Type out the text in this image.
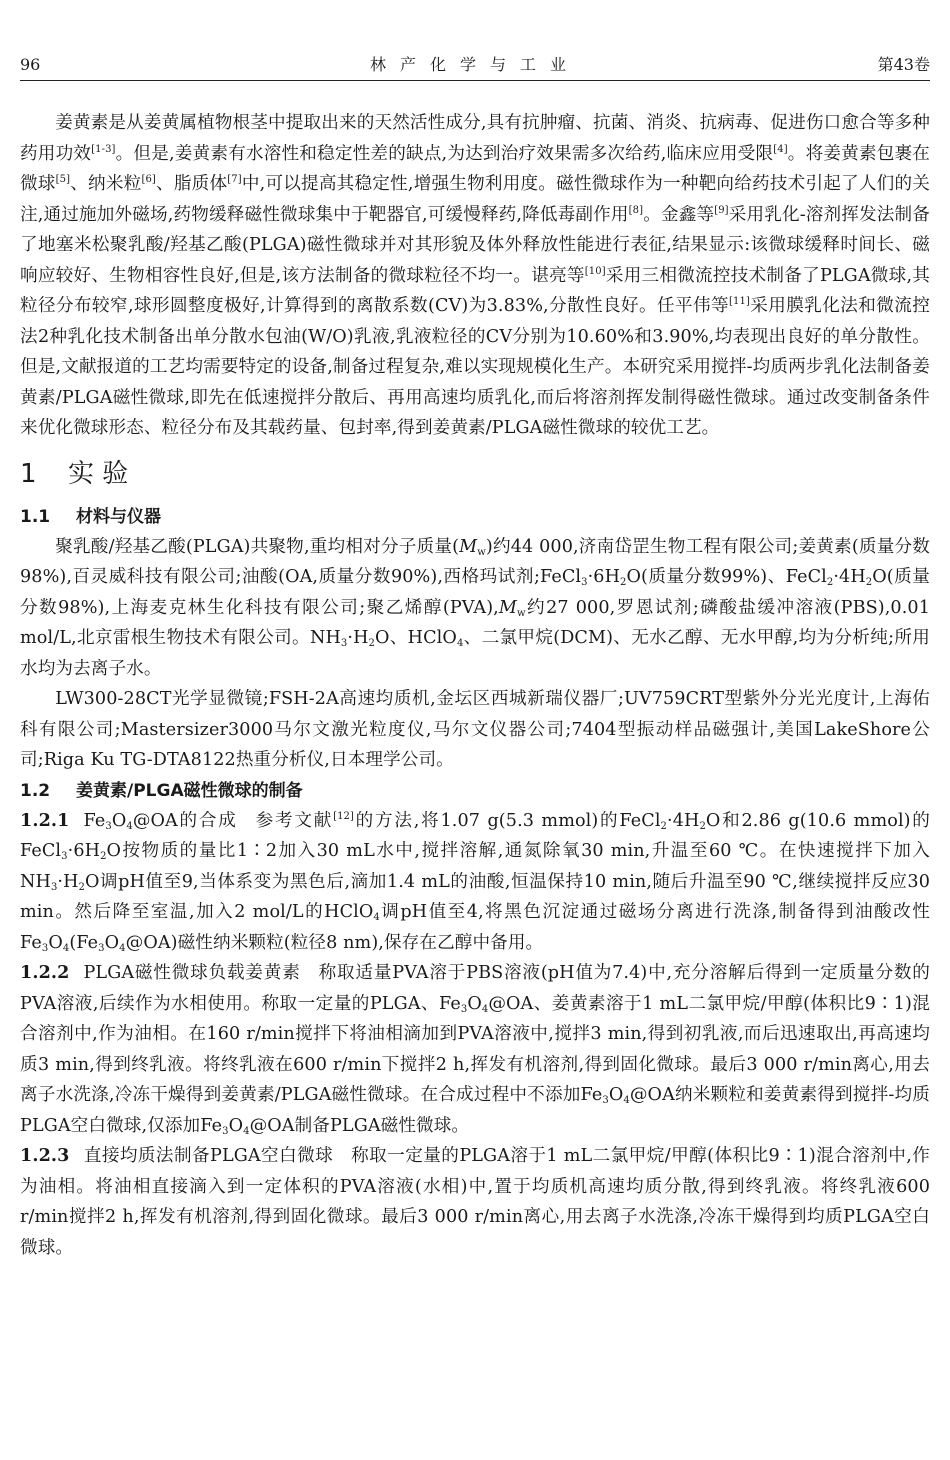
96	林产化学与工业	第43卷

姜黄素是从姜黄属植物根茎中提取出来的天然活性成分,具有抗肿瘤、抗菌、消炎、抗病毒、促进伤口愈合等多种药用功效[1-3]。但是,姜黄素有水溶性和稳定性差的缺点,为达到治疗效果需多次给药,临床应用受限[4]。将姜黄素包裹在微球[5]、纳米粒[6]、脂质体[7]中,可以提高其稳定性,增强生物利用度。磁性微球作为一种靶向给药技术引起了人们的关注,通过施加外磁场,药物缓释磁性微球集中于靶器官,可缓慢释药,降低毒副作用[8]。金鑫等[9]采用乳化-溶剂挥发法制备了地塞米松聚乳酸/羟基乙酸(PLGA)磁性微球并对其形貌及体外释放性能进行表征,结果显示:该微球缓释时间长、磁响应较好、生物相容性良好,但是,该方法制备的微球粒径不均一。谌亮等[10]采用三相微流控技术制备了PLGA微球,其粒径分布较窄,球形圆整度极好,计算得到的离散系数(CV)为3.83%,分散性良好。任平伟等[11]采用膜乳化法和微流控法2种乳化技术制备出单分散水包油(W/O)乳液,乳液粒径的CV分别为10.60%和3.90%,均表现出良好的单分散性。但是,文献报道的工艺均需要特定的设备,制备过程复杂,难以实现规模化生产。本研究采用搅拌-均质两步乳化法制备姜黄素/PLGA磁性微球,即先在低速搅拌分散后、再用高速均质乳化,而后将溶剂挥发制得磁性微球。通过改变制备条件来优化微球形态、粒径分布及其载药量、包封率,得到姜黄素/PLGA磁性微球的较优工艺。

1 实 验
1.1 材料与仪器

聚乳酸/羟基乙酸(PLGA)共聚物,重均相对分子质量$(M_w)$约44 000,济南岱罡生物工程有限公司;姜黄素(质量分数98%),百灵威科技有限公司;油酸(OA,质量分数90%),西格玛试剂$;FeCl_3\cdot 6H_2O$(质量分数99%)、$FeCl_2\cdot 4H_2O$(质量分数98%),上海麦克林生化科技有限公司;聚乙烯醇$(PVA),M_w$约27 000,罗恩试剂;磷酸盐缓冲溶液(PBS),0.01 mol/L,北京雷根生物技术有限公司。$NH_3\cdot H_2O$、HClO$_4$、二氯甲烷(DCM)、无水乙醇、无水甲醇,均为分析纯;所用水均为去离子水。

LW300-28CT光学显微镜;FSH-2A高速均质机,金坛区西城新瑞仪器厂;UV759CRT型紫外分光光度计,上海佑科有限公司;Mastersizer3000马尔文激光粒度仪,马尔文仪器公司;7404型振动样品磁强计,美国LakeShore公司;Riga Ku TG-DTA8122热重分析仪,日本理学公司。

1.2 姜黄素/PLGA磁性微球的制备

1.2.1 $Fe_3O_4@OA$的合成 参考文献[12]的方法,将1.07 g(5.3 mmol)的$FeCl_2\cdot 4H_2O$和2.86 g(10.6 mmol)的$FeCl_3\cdot 6H_2O$按物质的量比1∶2加入30 mL水中,搅拌溶解,通氮除氧30 min,升温至60 ℃。在快速搅拌下加入$NH_3\cdot H_2O$调pH值至9,当体系变为黑色后,滴加1.4 mL的油酸,恒温保持10 min,随后升温至90 ℃,继续搅拌反应30 min。然后降至室温,加入2 mol/L的HClO$_4$调pH值至4,将黑色沉淀通过磁场分离进行洗涤,制备得到油酸改性$Fe_3O_4(Fe_3O_4@OA)$磁性纳米颗粒(粒径8 nm),保存在乙醇中备用。

1.2.2 PLGA磁性微球负载姜黄素 称取适量PVA溶于PBS溶液(pH值为7.4)中,充分溶解后得到一定质量分数的PVA溶液,后续作为水相使用。称取一定量的PLGA、$Fe_3O_4@OA$、姜黄素溶于1 mL二氯甲烷/甲醇(体积比9∶1)混合溶剂中,作为油相。在160 r/min搅拌下将油相滴加到PVA溶液中,搅拌3 min,得到初乳液,而后迅速取出,再高速均质3 min,得到终乳液。将终乳液在600 r/min下搅拌2 h,挥发有机溶剂,得到固化微球。最后3 000 r/min离心,用去离子水洗涤,冷冻干燥得到姜黄素/PLGA磁性微球。在合成过程中不添加$Fe_3O_4@OA$纳米颗粒和姜黄素得到搅拌-均质PLGA空白微球,仅添加$Fe_3O_4@OA$制备PLGA磁性微球。

1.2.3 直接均质法制备PLGA空白微球 称取一定量的PLGA溶于1 mL二氯甲烷/甲醇(体积比9∶1)混合溶剂中,作为油相。将油相直接滴入到一定体积的PVA溶液(水相)中,置于均质机高速均质分散,得到终乳液。将终乳液600 r/min搅拌2 h,挥发有机溶剂,得到固化微球。最后3 000 r/min离心,用去离子水洗涤,冷冻干燥得到均质PLGA空白微球。
